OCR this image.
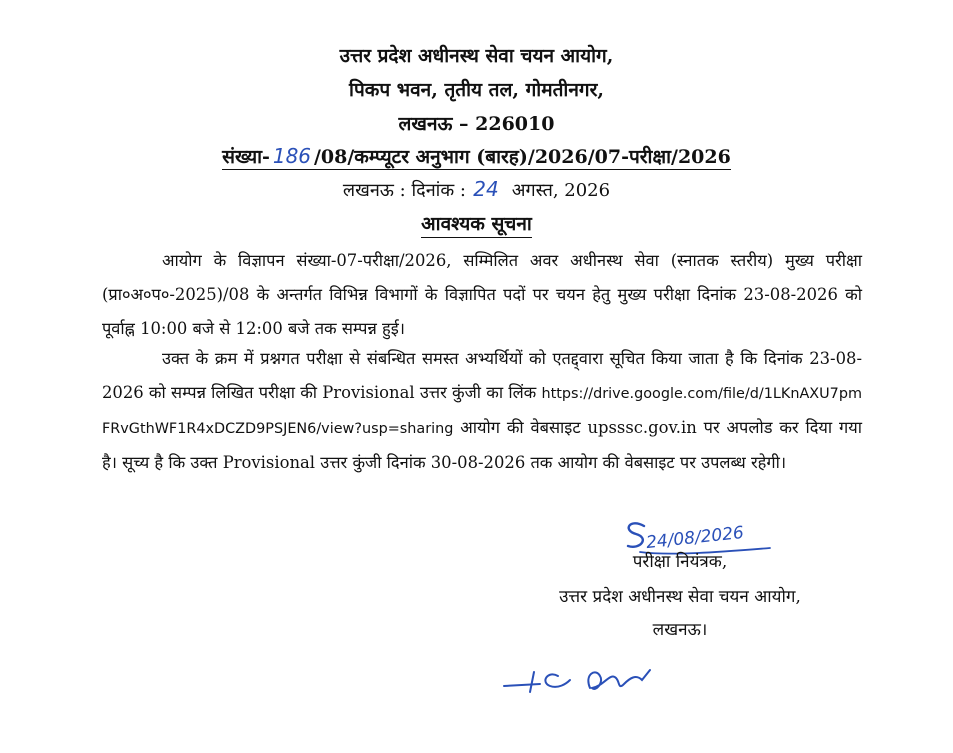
उत्तर प्रदेश अधीनस्थ सेवा चयन आयोग,
पिकप भवन, तृतीय तल, गोमतीनगर,
लखनऊ – 226010
संख्या- 186 /08/कम्प्यूटर अनुभाग (बारह)/2026/07-परीक्षा/2026
लखनऊ : दिनांक : 24 अगस्त, 2026
आवश्यक सूचना

आयोग के विज्ञापन संख्या-07-परीक्षा/2026, सम्मिलित अवर अधीनस्थ सेवा (स्नातक स्तरीय) मुख्य परीक्षा (प्रा०अ०प०-2025)/08 के अन्तर्गत विभिन्न विभागों के विज्ञापित पदों पर चयन हेतु मुख्य परीक्षा दिनांक 23-08-2026 को पूर्वाह्न 10:00 बजे से 12:00 बजे तक सम्पन्न हुई।

उक्त के क्रम में प्रश्नगत परीक्षा से संबन्धित समस्त अभ्यर्थियों को एतद्द्वारा सूचित किया जाता है कि दिनांक 23-08-2026 को सम्पन्न लिखित परीक्षा की Provisional उत्तर कुंजी का लिंक https://drive.google.com/file/d/1LKnAXU7pmFRvGthWF1R4xDCZD9PSJEN6/view?usp=sharing आयोग की वेबसाइट upsssc.gov.in पर अपलोड कर दिया गया है। सूच्य है कि उक्त Provisional उत्तर कुंजी दिनांक 30-08-2026 तक आयोग की वेबसाइट पर उपलब्ध रहेगी।

24/08/2026
परीक्षा नियंत्रक,
उत्तर प्रदेश अधीनस्थ सेवा चयन आयोग,
लखनऊ।
